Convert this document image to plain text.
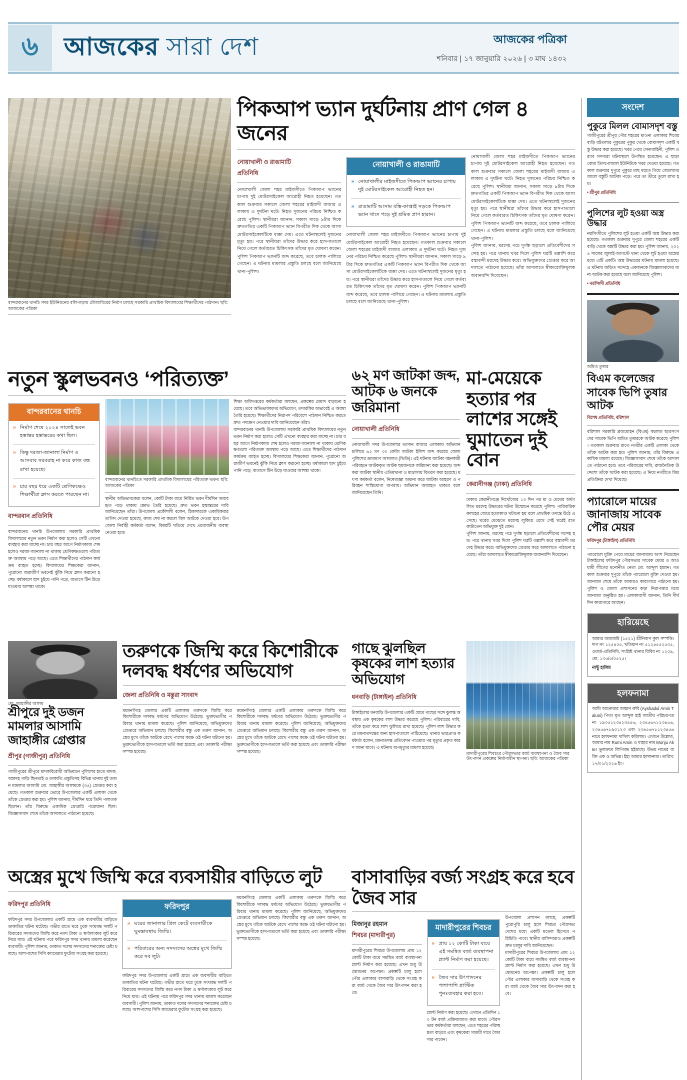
৬	আজকের সারা দেশ	আজকের পত্রিকা
শনিবার | ১৭ জানুয়ারি ২০২৬ | ৩ মাঘ ১৪৩২
বান্দরবানের থানচি সদর ইউনিয়নের বলিপাড়ায় মৌজাবিয়ের নির্মাণ চলছে সরকারি প্রাথমিক বিদ্যালয়ের শিক্ষার্থীদের পাঠদান। ছবি: আজকের পত্রিকা
পিকআপ ভ্যান দুর্ঘটনায় প্রাণ গেল ৪ জনের
নোয়াখালী ও রাঙামাটি
প্রতিনিধি
নোয়াখালী জেলা শহর মাইজদীতে পিকআপ ভ্যানের চাপায় দুই মোটরসাইকেল আরোহী নিহত হয়েছেন। গতকাল শুক্রবার সকালে জেলা শহরের মাইজদী বাজার এলাকায় এ দুর্ঘটনা ঘটে। নিহত দুজনের পরিচয় নিশ্চিত করেছে পুলিশ। স্থানীয়রা জানান, সকাল সাড়ে ৯টার দিকে দ্রুতগতির একটি পিকআপ ভ্যান বিপরীত দিক থেকে আসা মোটরসাইকেলটিকে ধাক্কা দেয়। এতে ঘটনাস্থলেই দুজনের মৃত্যু হয়। পরে স্থানীয়রা তাঁদের উদ্ধার করে হাসপাতালে নিয়ে গেলে কর্তব্যরত চিকিৎসক তাঁদের মৃত ঘোষণা করেন। পুলিশ পিকআপ ভ্যানটি জব্দ করেছে, তবে চালক পালিয়ে গেছেন। এ ঘটনায় মামলার প্রস্তুতি চলছে বলে জানিয়েছে থানা-পুলিশ।
নোয়াখালী ও রাঙামাটি
» নোয়াখালীর মাইজদীতে পিকআপ ভ্যানের চাপায় দুই মোটরসাইকেল আরোহী নিহত হন।
» রাঙামাটি আসাম বস্তি-কাপ্তাই সড়কে পিকআপ ভ্যান খাদে পড়ে দুই শ্রমিক প্রাণ হারান।
নোয়াখালী জেলা শহর মাইজদীতে পিকআপ ভ্যানের চাপায় দুই মোটরসাইকেল আরোহী নিহত হয়েছেন। গতকাল শুক্রবার সকালে জেলা শহরের মাইজদী বাজার এলাকায় এ দুর্ঘটনা ঘটে। নিহত দুজনের পরিচয় নিশ্চিত করেছে পুলিশ। স্থানীয়রা জানান, সকাল সাড়ে ৯টার দিকে দ্রুতগতির একটি পিকআপ ভ্যান বিপরীত দিক থেকে আসা মোটরসাইকেলটিকে ধাক্কা দেয়। এতে ঘটনাস্থলেই দুজনের মৃত্যু হয়। পরে স্থানীয়রা তাঁদের উদ্ধার করে হাসপাতালে নিয়ে গেলে কর্তব্যরত চিকিৎসক তাঁদের মৃত ঘোষণা করেন। পুলিশ পিকআপ ভ্যানটি জব্দ করেছে, তবে চালক পালিয়ে গেছেন। এ ঘটনায় মামলার প্রস্তুতি চলছে বলে জানিয়েছে থানা-পুলিশ।
নোয়াখালী জেলা শহর মাইজদীতে পিকআপ ভ্যানের চাপায় দুই মোটরসাইকেল আরোহী নিহত হয়েছেন। গতকাল শুক্রবার সকালে জেলা শহরের মাইজদী বাজার এলাকায় এ দুর্ঘটনা ঘটে। নিহত দুজনের পরিচয় নিশ্চিত করেছে পুলিশ। স্থানীয়রা জানান, সকাল সাড়ে ৯টার দিকে দ্রুতগতির একটি পিকআপ ভ্যান বিপরীত দিক থেকে আসা মোটরসাইকেলটিকে ধাক্কা দেয়। এতে ঘটনাস্থলেই দুজনের মৃত্যু হয়। পরে স্থানীয়রা তাঁদের উদ্ধার করে হাসপাতালে নিয়ে গেলে কর্তব্যরত চিকিৎসক তাঁদের মৃত ঘোষণা করেন। পুলিশ পিকআপ ভ্যানটি জব্দ করেছে, তবে চালক পালিয়ে গেছেন। এ ঘটনায় মামলার প্রস্তুতি চলছে বলে জানিয়েছে থানা-পুলিশ।
পুলিশ জানায়, মরদেহ পচে দুর্গন্ধ ছড়ালে প্রতিবেশীদের সন্দেহ হয়। পরে থানায় খবর দিলে পুলিশ ঘরটি তল্লাশি করে বস্তাবন্দী মরদেহ উদ্ধার করে। অভিযুক্তদের গ্রেপ্তার করে আদালতে পাঠানো হয়েছে। তাঁরা আদালতে স্বীকারোক্তিমূলক জবানবন্দি দিয়েছেন।
সংদেশ
পুকুরে মিলল বোমাসদৃশ বস্তু
গাজীপুরের শ্রীপুর পৌর শহরের মাওনা এলাকার শিবের বাড়ি বটতলার পুকুরের পুকুর থেকে বোমাসদৃশ একটি বস্তু উদ্ধার করা হয়েছে। খবর পেয়ে সেনাবাহিনী, পুলিশ ও র‍্যাব সদস্যরা ঘটনাস্থলে উপস্থিত হয়েছেন। এ ছাড়া বোমা ডিসপোজাল ইউনিটকে খবর দেওয়া হয়েছে। গতকাল শুক্রবার দুপুরে পুকুরে মাছ ধরতে গিয়ে জেলেদের জালে বস্তুটি আটকা পড়ে। পরে তা তীরে তুলে রাখা হয়।
• শ্রীপুর প্রতিনিধি
পুলিশের লুট হওয়া অস্ত্র উদ্ধার
নরসিংদীতে পুলিশের লুট হওয়া একটি অস্ত্র উদ্ধার করা হয়েছে। গতকাল শুক্রবার দুপুরে জেলা শহরের একটি বাড়ি থেকে অস্ত্রটি উদ্ধার করা হয়। পুলিশ জানায়, ২০২৪ সালের জুলাই-আগস্টে থানা থেকে লুট হওয়া অস্ত্রের মধ্যে এটি একটি। অস্ত্র উদ্ধারের ঘটনায় মামলা হয়েছে। এ ঘটনায় জড়িত সন্দেহে একজনকে জিজ্ঞাসাবাদের জন্য আটক করা হয়েছে বলে জানিয়েছে পুলিশ।
• নরসিংদী প্রতিনিধি
অমিত তুষার
বিএম কলেজের সাবেক ভিপি তুষার আটক
বিশেষ প্রতিনিধি, বরিশাল
বরিশাল সরকারি ব্রজমোহন (বিএম) কলেজ ছাত্রসংসদের সাবেক ভিপি অমিত তুষারকে আটক করেছে পুলিশ। গতকাল শুক্রবার রাতে নগরীর একটি এলাকা থেকে তাঁকে আটক করা হয়। পুলিশ জানায়, তাঁর বিরুদ্ধে একাধিক মামলা রয়েছে। জিজ্ঞাসাবাদ শেষে তাঁকে আদালতে পাঠানো হবে। তবে পরিবারের দাবি, রাজনৈতিক উদ্দেশ্যে তাঁকে আটক করা হয়েছে। এ নিয়ে নগরীতে মিশ্র প্রতিক্রিয়া দেখা দিয়েছে।
প্যারোলে মায়ের জানাজায় সাবেক পৌর মেয়র
ফরিদপুর (টাঙ্গাইল) প্রতিনিধি
প্যারোলে মুক্তি পেয়ে মায়ের জানাজায় অংশ নিয়েছেন টাঙ্গাইলের ফরিদপুর পৌরসভার সাবেক মেয়র ও আওয়ামী লীগের মনোনীত নেতা মো. আব্দুল হান্নান। গতকাল শুক্রবার দুপুরে তাঁকে প্যারোলে মুক্তি দেওয়া হয়। জানাজা শেষে তাঁকে আবারও কারাগারে পাঠানো হয়। পুলিশ ও জেলা প্রশাসনের কড়া নিরাপত্তার মধ্যে জানাজা অনুষ্ঠিত হয়। এলাকাবাসী জানান, তিনি দীর্ঘদিন কারাগারে আছেন।
হারিয়েছে
আমার জমাজমি (১৫২১) শ্রীনিবাস কুল সম্পত্তি। দাগ নং ১২৫৪০৫, খতিয়ান নং ৫১২৪৫৫২৫০৫, ওয়ার্ড-প্রতিনিধি, সংশ্লিষ্ট থানার বিবিধ নং ১২০৯, মো. ১৩৫/৫/০৫২৫।
নান্টু হালিম
হলফনামা
আমি আনোয়ার জাহান রুবি (Ayshadul Amin Taluni) পিতা মৃত আব্দুল হাই জাতীয় পরিচয়পত্র নং ১৯৩৫১২৩৪২৩৪৫৬, ২৩৪৫৬৭১২৩৪৫৬, ২৩৪৫৬৭৮৯০১২৩ এবং ২৩৪৫৬৭৮১২৩৪৫৬ নামে হলফনামা দাখিল করিলাম। এখানে উল্লেখ্য, আমার নাম Rumi Amin ও যাহার নাম Monju Akter ভুলক্রমে লিপিবদ্ধ হইয়াছে। উভয় নামের ব্যক্তি এক ও অভিন্ন। ইহা আমার হলফনামা। তারিখ: ১৭/০১/২০২৬ ইং।
নতুন স্কুলভবনও ‘পরিত্যক্ত’
বান্দরবানের থানচি
» নির্মাণ শেষে ২০২৪ সালেই ভবন হস্তান্তর হস্তান্তরের কথা ছিল।
» কিন্তু দরজা-জানালা নির্মাণ ও আসবাব সরবরাহ না করে কাজ বন্ধ রাখা হয়েছে।
» চার বছর ধরে একটি শ্রেণিকক্ষেও শিক্ষার্থীরা ক্লাস করতে পারছেন না।
বান্দরবান প্রতিনিধি
বান্দরবানের থানচি উপজেলায় সরকারি প্রাথমিক বিদ্যালয়ের নতুন ভবন নির্মাণ করা হলেও সেটি এখনো ব্যবহার করা যাচ্ছে না। চার বছর আগে নির্মাণকাজ শেষ হলেও দরজা-জানালা না থাকায় শ্রেণিকক্ষগুলো পরিত্যক্ত অবস্থায় পড়ে আছে। এতে শিক্ষার্থীদের পাঠদান কার্যক্রম ব্যাহত হচ্ছে। বিদ্যালয়ের শিক্ষকেরা জানান, পুরোনো জরাজীর্ণ ভবনেই ঝুঁকি নিয়ে ক্লাস করানো হচ্ছে। বর্ষাকালে ছাদ চুইয়ে পানি পড়ে, বাতাসে টিন উড়ে যাওয়ার আশঙ্কা থাকে।
বান্দরবানের থানচিতে সরকারি প্রাথমিক বিদ্যালয়ের পরিত্যক্ত ভবন। ছবি: আজকের পত্রিকা
স্থানীয় অভিভাবকেরা বলেন, কোটি টাকা ব্যয়ে নির্মিত ভবন দীর্ঘদিন অব্যবহৃত পড়ে থাকায় ক্ষোভ তৈরি হয়েছে। দ্রুত ভবন হস্তান্তরের দাবি জানিয়েছেন তাঁরা। উপজেলা প্রকৌশলী বলেন, ঠিকাদারকে একাধিকবার তাগিদ দেওয়া হয়েছে, কাজ শেষ না করলে বিল আটকে দেওয়া হবে। উপজেলা নির্বাহী কর্মকর্তা বলেন, বিষয়টি খতিয়ে দেখে প্রয়োজনীয় ব্যবস্থা নেওয়া হবে।
শিক্ষা অধিদপ্তরের কর্মকর্তারা বলছেন, প্রকল্পের মেয়াদ বাড়ানো হয়েছে। তবে অভিভাবকদের অভিযোগ, তদারকির অভাবেই এ অবস্থা তৈরি হয়েছে। শিক্ষার্থীদের নিরাপদ পরিবেশে পাঠদান নিশ্চিত করতে দ্রুত পদক্ষেপ নেওয়ার দাবি জানিয়েছেন তাঁরা।
বান্দরবানের থানচি উপজেলায় সরকারি প্রাথমিক বিদ্যালয়ের নতুন ভবন নির্মাণ করা হলেও সেটি এখনো ব্যবহার করা যাচ্ছে না। চার বছর আগে নির্মাণকাজ শেষ হলেও দরজা-জানালা না থাকায় শ্রেণিকক্ষগুলো পরিত্যক্ত অবস্থায় পড়ে আছে। এতে শিক্ষার্থীদের পাঠদান কার্যক্রম ব্যাহত হচ্ছে। বিদ্যালয়ের শিক্ষকেরা জানান, পুরোনো জরাজীর্ণ ভবনেই ঝুঁকি নিয়ে ক্লাস করানো হচ্ছে। বর্ষাকালে ছাদ চুইয়ে পানি পড়ে, বাতাসে টিন উড়ে যাওয়ার আশঙ্কা থাকে।
৬২ মণ জাটকা জব্দ, আটক ৬ জনকে জরিমানা
নোয়াখালী প্রতিনিধি
নোয়াখালী সদর উপজেলার ভাসান বাজার এলাকায় অভিযান চালিয়ে ৬২ মণ ৩০ কেজি জাটকা ইলিশ জব্দ করেছে জেলা পুলিশের ভ্রাম্যমাণ আদালত (ভিডি)। এই ঘটনায় জাটকা বহনকারী পরিবহনে আটককৃত আটক ছয়জনকে জরিমানা করা হয়েছে। জব্দ করা জাটকা স্থানীয় এতিমখানা ও মাদ্রাসায় বিতরণ করা হয়েছে। মৎস্য কর্মকর্তা বলেন, নিষেধাজ্ঞা অমান্য করে জাটকা আহরণ ও পরিবহন শাস্তিযোগ্য অপরাধ। অভিযান অব্যাহত থাকবে বলে জানিয়েছেন তিনি।
মা-মেয়েকে হত্যার পর লাশের সঙ্গেই ঘুমাতেন দুই বোন
কেরানীগঞ্জ (ঢাকা) প্রতিনিধি
ঢাকার কেরানীগঞ্জে নিখোঁজের ১৩ দিন পর মা ও মেয়ের অর্ধগলিত মরদেহ উদ্ধারের ঘটনা উন্মোচন করেছে পুলিশ। পারিবারিক কলহের জেরে হত্যাকাণ্ড ঘটানো হয় বলে প্রাথমিক তদন্তে উঠে এসেছে। ঘরের মেঝেতে মরদেহ লুকিয়ে রেখে সেই ঘরেই রাত কাটাতেন অভিযুক্ত দুই বোন।
পুলিশ জানায়, মরদেহ পচে দুর্গন্ধ ছড়ালে প্রতিবেশীদের সন্দেহ হয়। পরে থানায় খবর দিলে পুলিশ ঘরটি তল্লাশি করে বস্তাবন্দী মরদেহ উদ্ধার করে। অভিযুক্তদের গ্রেপ্তার করে আদালতে পাঠানো হয়েছে। তাঁরা আদালতে স্বীকারোক্তিমূলক জবানবন্দি দিয়েছেন।
মো. জাহাঙ্গীর আলম
শ্রীপুরে দুই ডজন মামলার আসামি জাহাঙ্গীর গ্রেপ্তার
শ্রীপুর (গাজীপুর) প্রতিনিধি
গাজীপুরের শ্রীপুরে মাদকবিরোধী অভিযানে পুলিশের হাতে মাদক, অস্ত্রসহ গাড়ি ছিনতাই ও ডাকাতি প্রস্তুতিসহ বিভিন্ন থানায় দুই ডজন মামলার আসামি মো. জাহাঙ্গীর আলমকে (৩৫) গ্রেপ্তার করা হয়েছে। গতকাল শুক্রবার ভোরে উপজেলার একটি এলাকা থেকে তাঁকে গ্রেপ্তার করা হয়। পুলিশ জানায়, দীর্ঘদিন ধরে তিনি পলাতক ছিলেন। তাঁর বিরুদ্ধে একাধিক গ্রেপ্তারি পরোয়ানা ছিল। জিজ্ঞাসাবাদ শেষে তাঁকে আদালতে পাঠানো হয়েছে।
তরুণকে জিম্মি করে কিশোরীকে দলবদ্ধ ধর্ষণের অভিযোগ
জেলা প্রতিনিধি ও মন্তুরা সাংবাদ
ময়মনসিংহ জেলার একটি এলাকায় তরুণকে জিম্মি করে কিশোরীকে দলবদ্ধ ধর্ষণের অভিযোগ উঠেছে। ভুক্তভোগীর পরিবার থানায় মামলা করেছে। পুলিশ জানিয়েছে, অভিযুক্তদের গ্রেপ্তারে অভিযান চলছে। কিশোরীর বন্ধু এক তরুণ জানান, অস্ত্রের মুখে তাঁকে আটকে রেখে পাশের কক্ষে ওই ঘটনা ঘটানো হয়। ভুক্তভোগীকে হাসপাতালে ভর্তি করা হয়েছে এবং ডাক্তারি পরীক্ষা সম্পন্ন হয়েছে।
ময়মনসিংহ জেলার একটি এলাকায় তরুণকে জিম্মি করে কিশোরীকে দলবদ্ধ ধর্ষণের অভিযোগ উঠেছে। ভুক্তভোগীর পরিবার থানায় মামলা করেছে। পুলিশ জানিয়েছে, অভিযুক্তদের গ্রেপ্তারে অভিযান চলছে। কিশোরীর বন্ধু এক তরুণ জানান, অস্ত্রের মুখে তাঁকে আটকে রেখে পাশের কক্ষে ওই ঘটনা ঘটানো হয়। ভুক্তভোগীকে হাসপাতালে ভর্তি করা হয়েছে এবং ডাক্তারি পরীক্ষা সম্পন্ন হয়েছে।
গাছে ঝুলছিল কৃষকের লাশ হত্যার অভিযোগ
ধনবাড়ি (টাঙ্গাইল) প্রতিনিধি
টাঙ্গাইলের ধনবাড়ি উপজেলার একটি গ্রামে গাছের সঙ্গে ঝুলন্ত অবস্থায় এক কৃষকের লাশ উদ্ধার করেছে পুলিশ। পরিবারের দাবি, তাঁকে হত্যা করে লাশ ঝুলিয়ে রাখা হয়েছে। পুলিশ লাশ উদ্ধার করে ময়নাতদন্তের জন্য হাসপাতালে পাঠিয়েছে। থানার ভারপ্রাপ্ত কর্মকর্তা বলেন, ময়নাতদন্ত প্রতিবেদন পাওয়ার পর মৃত্যুর প্রকৃত কারণ জানা যাবে। এ ঘটনায় অপমৃত্যুর মামলা হয়েছে।
মাদারীপুরের শিবচরে পৌরসভার বর্জ্য ব্যবস্থাপনা ও জৈব সার উৎপাদন প্রকল্পের নির্মাণাধীন স্থাপনা। ছবি: আজকের পত্রিকা
অস্ত্রের মুখে জিম্মি করে ব্যবসায়ীর বাড়িতে লুট
ফরিদপুর প্রতিনিধি
ফরিদপুর সদর উপজেলার একটি গ্রামে এক ব্যবসায়ীর বাড়িতে ডাকাতির ঘটনা ঘটেছে। গভীর রাতে ঘরে ঢুকে সংঘবদ্ধ দলটি পরিবারের সদস্যদের জিম্মি করে নগদ টাকা ও স্বর্ণালংকার লুট করে নিয়ে যায়। এই ঘটনায় পরে ফরিদপুর সদর থানায় মামলা করেছেন ব্যবসায়ী। পুলিশ জানায়, ডাকাত দলের সদস্যদের শনাক্তের চেষ্টা চলছে। আশপাশের সিসি ক্যামেরার ফুটেজ সংগ্রহ করা হয়েছে।
ফরিদপুর
» ঘরের জানালার গ্রিল কেটে ব্যবসায়ীকে ঘুমন্তাবস্থায় জিম্মি।
» পরিবারের অন্য সদস্যদের অস্ত্রের মুখে জিম্মি করে সব লুট।
ফরিদপুর সদর উপজেলার একটি গ্রামে এক ব্যবসায়ীর বাড়িতে ডাকাতির ঘটনা ঘটেছে। গভীর রাতে ঘরে ঢুকে সংঘবদ্ধ দলটি পরিবারের সদস্যদের জিম্মি করে নগদ টাকা ও স্বর্ণালংকার লুট করে নিয়ে যায়। এই ঘটনায় পরে ফরিদপুর সদর থানায় মামলা করেছেন ব্যবসায়ী। পুলিশ জানায়, ডাকাত দলের সদস্যদের শনাক্তের চেষ্টা চলছে। আশপাশের সিসি ক্যামেরার ফুটেজ সংগ্রহ করা হয়েছে।
ময়মনসিংহ জেলার একটি এলাকায় তরুণকে জিম্মি করে কিশোরীকে দলবদ্ধ ধর্ষণের অভিযোগ উঠেছে। ভুক্তভোগীর পরিবার থানায় মামলা করেছে। পুলিশ জানিয়েছে, অভিযুক্তদের গ্রেপ্তারে অভিযান চলছে। কিশোরীর বন্ধু এক তরুণ জানান, অস্ত্রের মুখে তাঁকে আটকে রেখে পাশের কক্ষে ওই ঘটনা ঘটানো হয়। ভুক্তভোগীকে হাসপাতালে ভর্তি করা হয়েছে এবং ডাক্তারি পরীক্ষা সম্পন্ন হয়েছে।
বাসাবাড়ির বর্জ্য সংগ্রহ করে হবে জৈব সার
মিজানুর রহমান
শিবচর (মাদারীপুর)
মাদারীপুরের শিবচর উপজেলায় প্রায় ১২ কোটি টাকা ব্যয়ে সমন্বিত বর্জ্য ব্যবস্থাপনা প্ল্যান্ট নির্মাণ করা হয়েছে। এখন শুধু উদ্বোধনের অপেক্ষা। প্রকল্পটি চালু হলে পৌর এলাকার বাসাবাড়ি থেকে সংগ্রহ করা বর্জ্য থেকে জৈব সার উৎপাদন করা হবে।
মাদারীপুরের শিবচর
» প্রায় ১২ কোটি টাকা ব্যয়ে এই সমন্বিত বর্জ্য ব্যবস্থাপনা প্ল্যান্ট নির্মাণ করা হয়েছে।
» জৈব সার উৎপাদনের পাশাপাশি প্লাস্টিক পুনঃব্যবহার করা হবে।
প্ল্যান্ট নির্মাণ করা হয়েছে। এখানে প্রতিদিন ১০ টন বর্জ্য প্রক্রিয়াজাত করা যাবে। পৌরসভার কর্মকর্তারা বলছেন, এতে শহরের পরিচ্ছন্নতা বাড়বে এবং কৃষকেরা সাশ্রয়ী দামে জৈব সার পাবেন।
উপজেলা প্রশাসন বলছে, প্রকল্পটি পুরোপুরি চালু হলে শিবচর পৌরসভা দেশের মধ্যে একটি মডেল হিসেবে পরিচিতি পাবে। স্থানীয় বাসিন্দারাও প্রকল্পটি দ্রুত চালুর দাবি জানিয়েছেন।
মাদারীপুরের শিবচর উপজেলায় প্রায় ১২ কোটি টাকা ব্যয়ে সমন্বিত বর্জ্য ব্যবস্থাপনা প্ল্যান্ট নির্মাণ করা হয়েছে। এখন শুধু উদ্বোধনের অপেক্ষা। প্রকল্পটি চালু হলে পৌর এলাকার বাসাবাড়ি থেকে সংগ্রহ করা বর্জ্য থেকে জৈব সার উৎপাদন করা হবে।
